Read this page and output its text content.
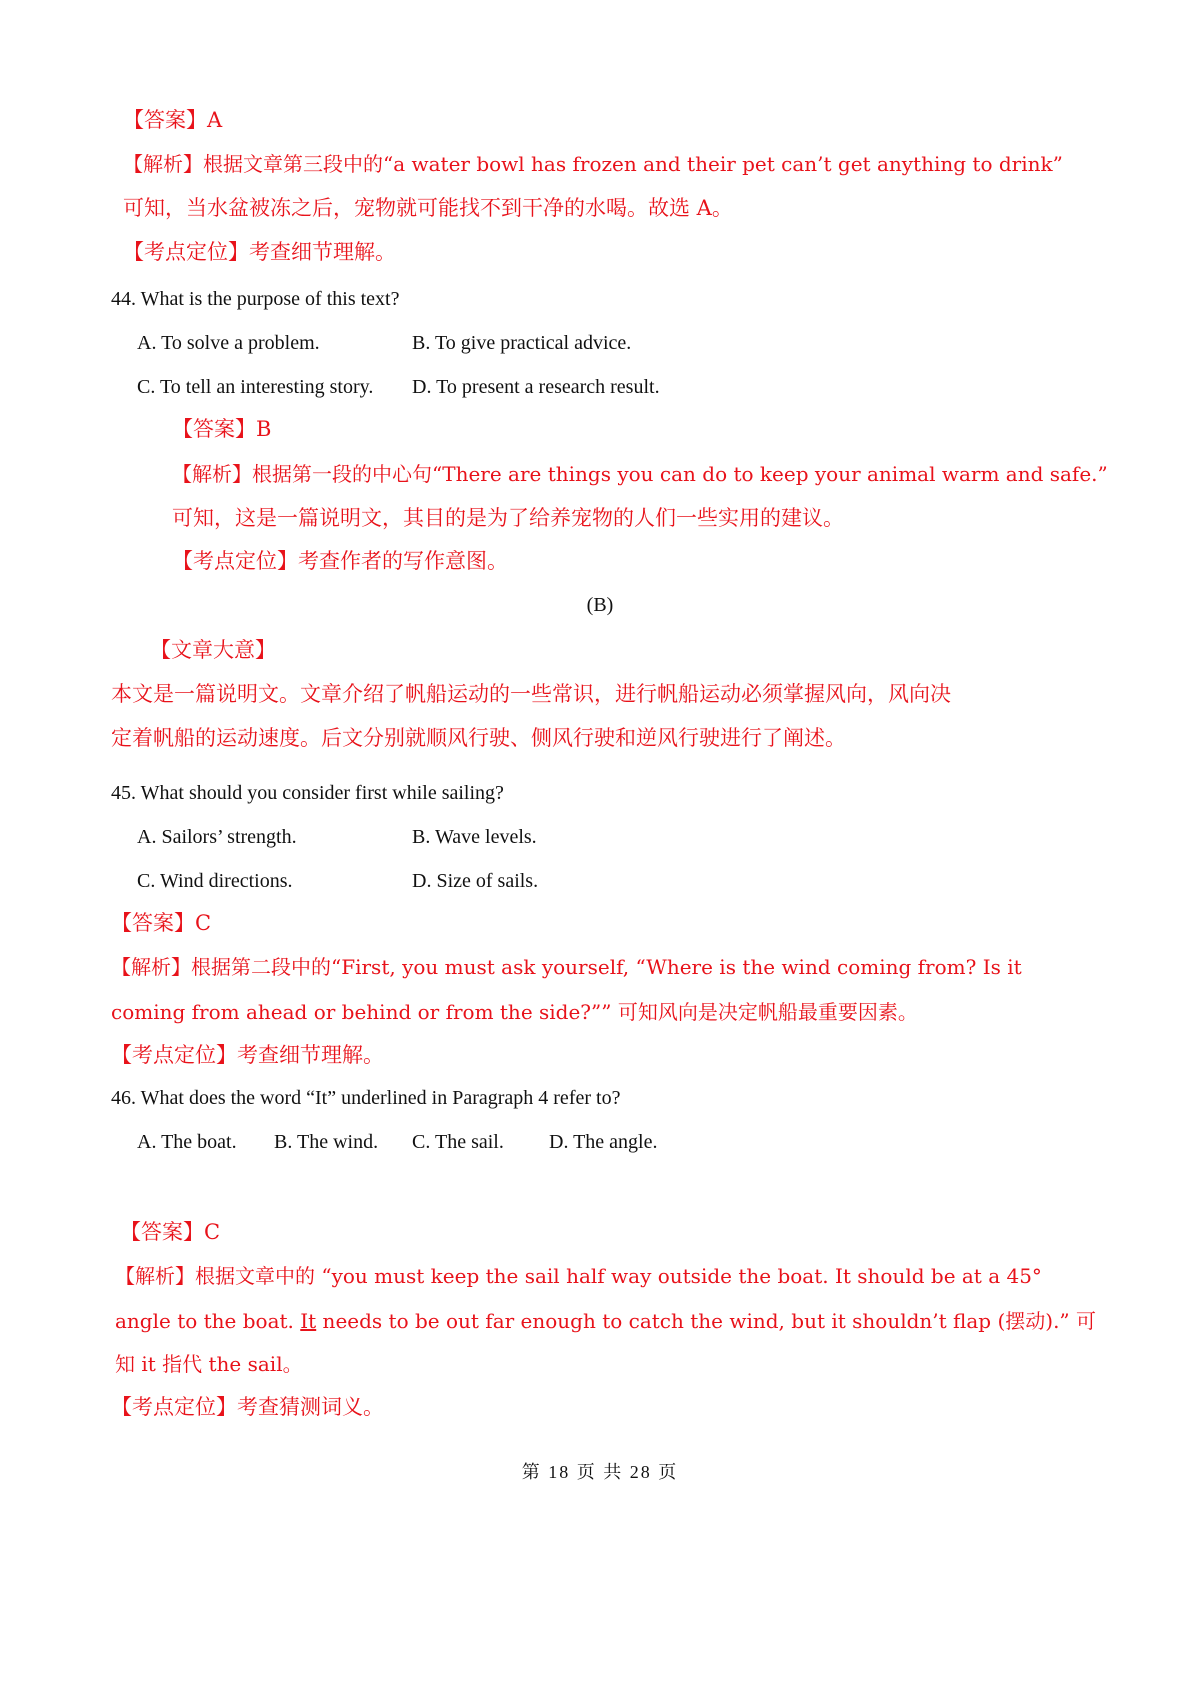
【答案】A
【解析】根据文章第三段中的“a water bowl has frozen and their pet can’t get anything to drink”
可知，当水盆被冻之后，宠物就可能找不到干净的水喝。故选 A。
【考点定位】考查细节理解。
44. What is the purpose of this text?
A. To solve a problem.	B. To give practical advice.
C. To tell an interesting story. D. To present a research result.
【答案】B
【解析】根据第一段的中心句“There are things you can do to keep your animal warm and safe.”
可知，这是一篇说明文，其目的是为了给养宠物的人们一些实用的建议。
【考点定位】考查作者的写作意图。
(B)
【文章大意】
本文是一篇说明文。文章介绍了帆船运动的一些常识，进行帆船运动必须掌握风向，风向决
定着帆船的运动速度。后文分别就顺风行驶、侧风行驶和逆风行驶进行了阐述。
45. What should you consider first while sailing?
A. Sailors’ strength.	B. Wave levels.
C. Wind directions.	D. Size of sails.
【答案】C
【解析】根据第二段中的“First, you must ask yourself, “Where is the wind coming from? Is it
coming from ahead or behind or from the side?”” 可知风向是决定帆船最重要因素。
【考点定位】考查细节理解。
46. What does the word “It” underlined in Paragraph 4 refer to?
A. The boat. B. The wind. C. The sail. D. The angle.
【答案】C
【解析】根据文章中的 “you must keep the sail half way outside the boat. It should be at a 45°
angle to the boat. It needs to be out far enough to catch the wind, but it shouldn’t flap (摆动).” 可
知 it 指代 the sail。
【考点定位】考查猜测词义。
第 18 页 共 28 页
